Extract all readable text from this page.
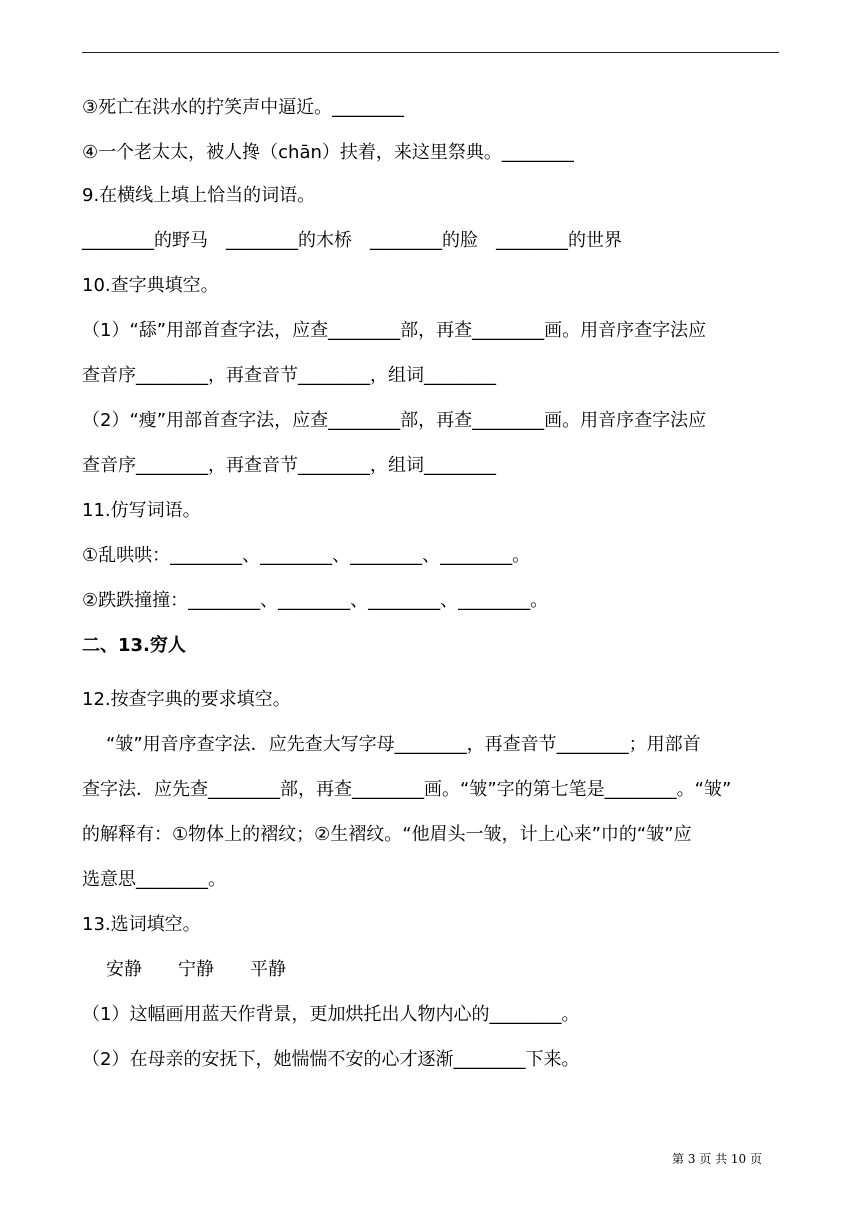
③死亡在洪水的拧笑声中逼近。________
④一个老太太，被人搀（chān）扶着，来这里祭典。________
9.在横线上填上恰当的词语。
________的野马　________的木桥　________的脸　________的世界
10.查字典填空。
（1）“舔”用部首查字法，应查________部，再查________画。用音序查字法应
查音序________，再查音节________，组词________
（2）“瘦”用部首查字法，应查________部，再查________画。用音序查字法应
查音序________，再查音节________，组词________
11.仿写词语。
①乱哄哄：________、________、________、________。
②跌跌撞撞：________、________、________、________。
二、13.穷人
12.按查字典的要求填空。
“皱”用音序查字法．应先查大写字母________，再查音节________；用部首
查字法．应先查________部，再查________画。“皱”字的第七笔是________。“皱”
的解释有：①物体上的褶纹；②生褶纹。“他眉头一皱，计上心来”巾的“皱”应
选意思________。
13.选词填空。
安静　　宁静　　平静
（1）这幅画用蓝天作背景，更加烘托出人物内心的________。
（2）在母亲的安抚下，她惴惴不安的心才逐渐________下来。
第 3 页 共 10 页
